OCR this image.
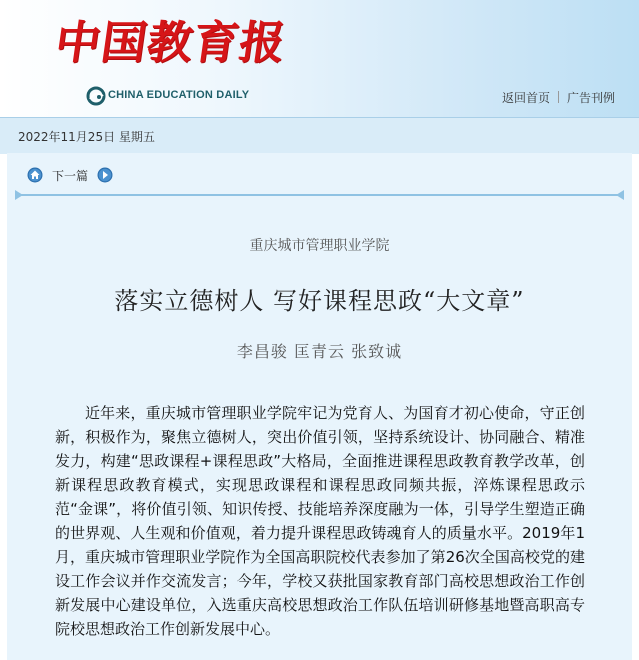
中国教育报
CHINA EDUCATION DAILY	返回首页 广告刊例
2022年11月25日 星期五
下一篇
重庆城市管理职业学院
落实立德树人 写好课程思政“大文章”
李昌骏 匡青云 张致诚

近年来，重庆城市管理职业学院牢记为党育人、为国育才初心使命，守正创新，积极作为，聚焦立德树人，突出价值引领，坚持系统设计、协同融合、精准发力，构建“思政课程+课程思政”大格局，全面推进课程思政教育教学改革，创新课程思政教育模式，实现思政课程和课程思政同频共振，淬炼课程思政示范“金课”，将价值引领、知识传授、技能培养深度融为一体，引导学生塑造正确的世界观、人生观和价值观，着力提升课程思政铸魂育人的质量水平。2019年1月，重庆城市管理职业学院作为全国高职院校代表参加了第26次全国高校党的建设工作会议并作交流发言；今年，学校又获批国家教育部门高校思想政治工作创新发展中心建设单位，入选重庆高校思想政治工作队伍培训研修基地暨高职高专院校思想政治工作创新发展中心。
